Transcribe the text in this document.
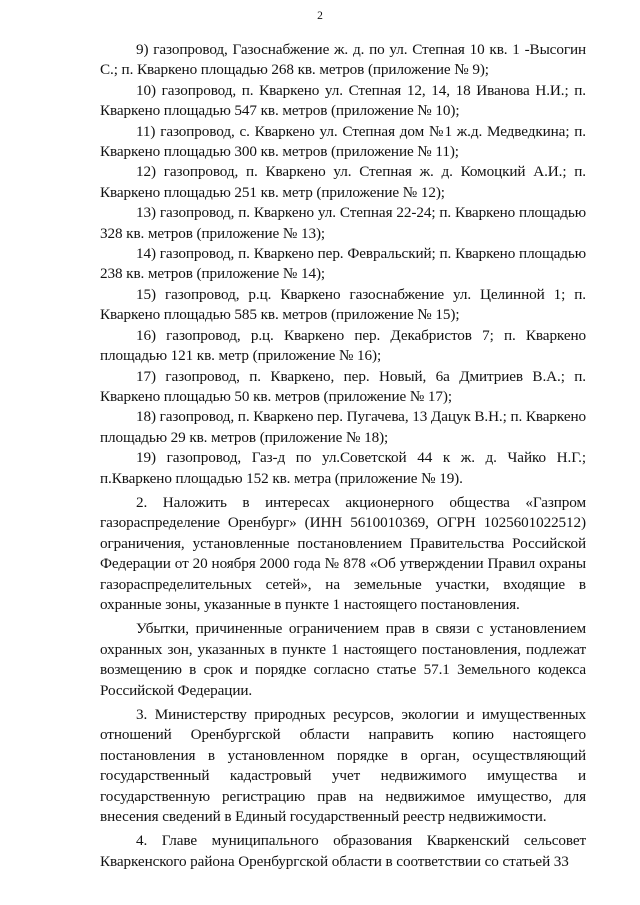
2

9) газопровод, Газоснабжение ж. д. по ул. Степная 10 кв. 1 -Высогин С.; п. Кваркено площадью 268 кв. метров (приложение № 9);

10) газопровод, п. Кваркено ул. Степная 12, 14, 18 Иванова Н.И.; п. Кваркено площадью 547 кв. метров (приложение № 10);

11) газопровод, с. Кваркено ул. Степная дом №1 ж.д. Медведкина; п. Кваркено площадью 300 кв. метров (приложение № 11);

12) газопровод, п. Кваркено ул. Степная ж. д. Комоцкий А.И.; п. Кваркено площадью 251 кв. метр (приложение № 12);

13) газопровод, п. Кваркено ул. Степная 22-24; п. Кваркено площадью 328 кв. метров (приложение № 13);

14) газопровод, п. Кваркено пер. Февральский; п. Кваркено площадью 238 кв. метров (приложение № 14);

15) газопровод, р.ц. Кваркено газоснабжение ул. Целинной 1; п. Кваркено площадью 585 кв. метров (приложение № 15);

16) газопровод, р.ц. Кваркено пер. Декабристов 7; п. Кваркено площадью 121 кв. метр (приложение № 16);

17) газопровод, п. Кваркено, пер. Новый, 6а Дмитриев В.А.; п. Кваркено площадью 50 кв. метров (приложение № 17);

18) газопровод, п. Кваркено пер. Пугачева, 13 Дацук В.Н.; п. Кваркено площадью 29 кв. метров (приложение № 18);

19) газопровод, Газ-д по ул.Советской 44 к ж. д. Чайко Н.Г.; п.Кваркено площадью 152 кв. метра (приложение № 19).

2. Наложить в интересах акционерного общества «Газпром газораспределение Оренбург» (ИНН 5610010369, ОГРН 1025601022512) ограничения, установленные постановлением Правительства Российской Федерации от 20 ноября 2000 года № 878 «Об утверждении Правил охраны газораспределительных сетей», на земельные участки, входящие в охранные зоны, указанные в пункте 1 настоящего постановления.

Убытки, причиненные ограничением прав в связи с установлением охранных зон, указанных в пункте 1 настоящего постановления, подлежат возмещению в срок и порядке согласно статье 57.1 Земельного кодекса Российской Федерации.

3. Министерству природных ресурсов, экологии и имущественных отношений Оренбургской области направить копию настоящего постановления в установленном порядке в орган, осуществляющий государственный кадастровый учет недвижимого имущества и государственную регистрацию прав на недвижимое имущество, для внесения сведений в Единый государственный реестр недвижимости.

4. Главе муниципального образования Кваркенский сельсовет Кваркенского района Оренбургской области в соответствии со статьей 33
